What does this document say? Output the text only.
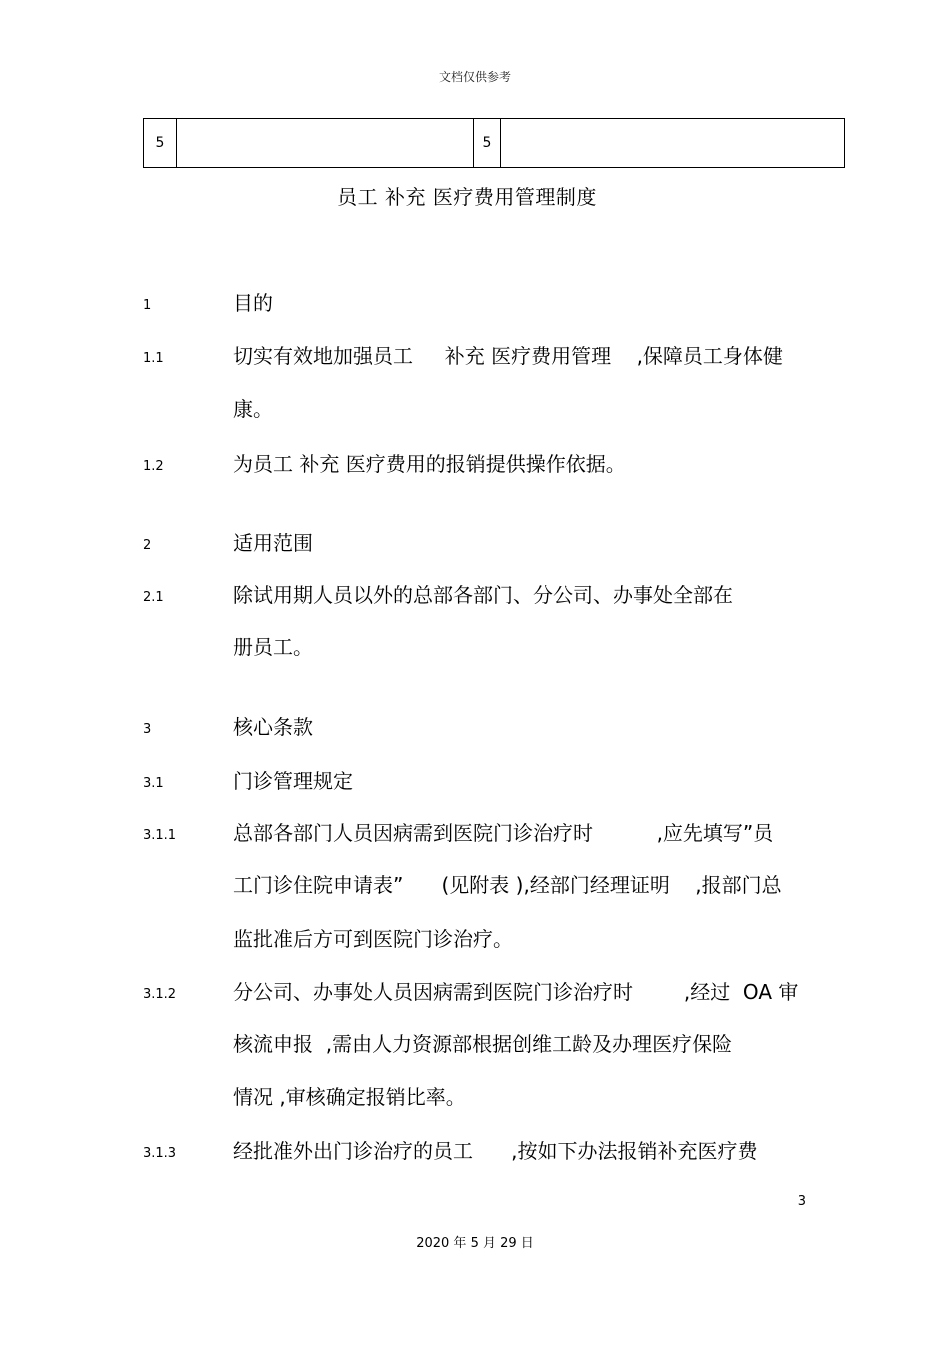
文档仅供参考
5		5	
员工 补充 医疗费用管理制度
1	目的
1.1	切实有效地加强员工     补充 医疗费用管理    ,保障员工身体健
康。
1.2	为员工 补充 医疗费用的报销提供操作依据。
2	适用范围
2.1	除试用期人员以外的总部各部门、分公司、办事处全部在
册员工。
3	核心条款
3.1	门诊管理规定
3.1.1	总部各部门人员因病需到医院门诊治疗时          ,应先填写”员
工门诊住院申请表”      (见附表 ),经部门经理证明    ,报部门总
监批准后方可到医院门诊治疗。
3.1.2	分公司、办事处人员因病需到医院门诊治疗时        ,经过  OA 审
核流申报  ,需由人力资源部根据创维工龄及办理医疗保险
情况 ,审核确定报销比率。
3.1.3	经批准外出门诊治疗的员工      ,按如下办法报销补充医疗费
3
2020 年 5 月 29 日
